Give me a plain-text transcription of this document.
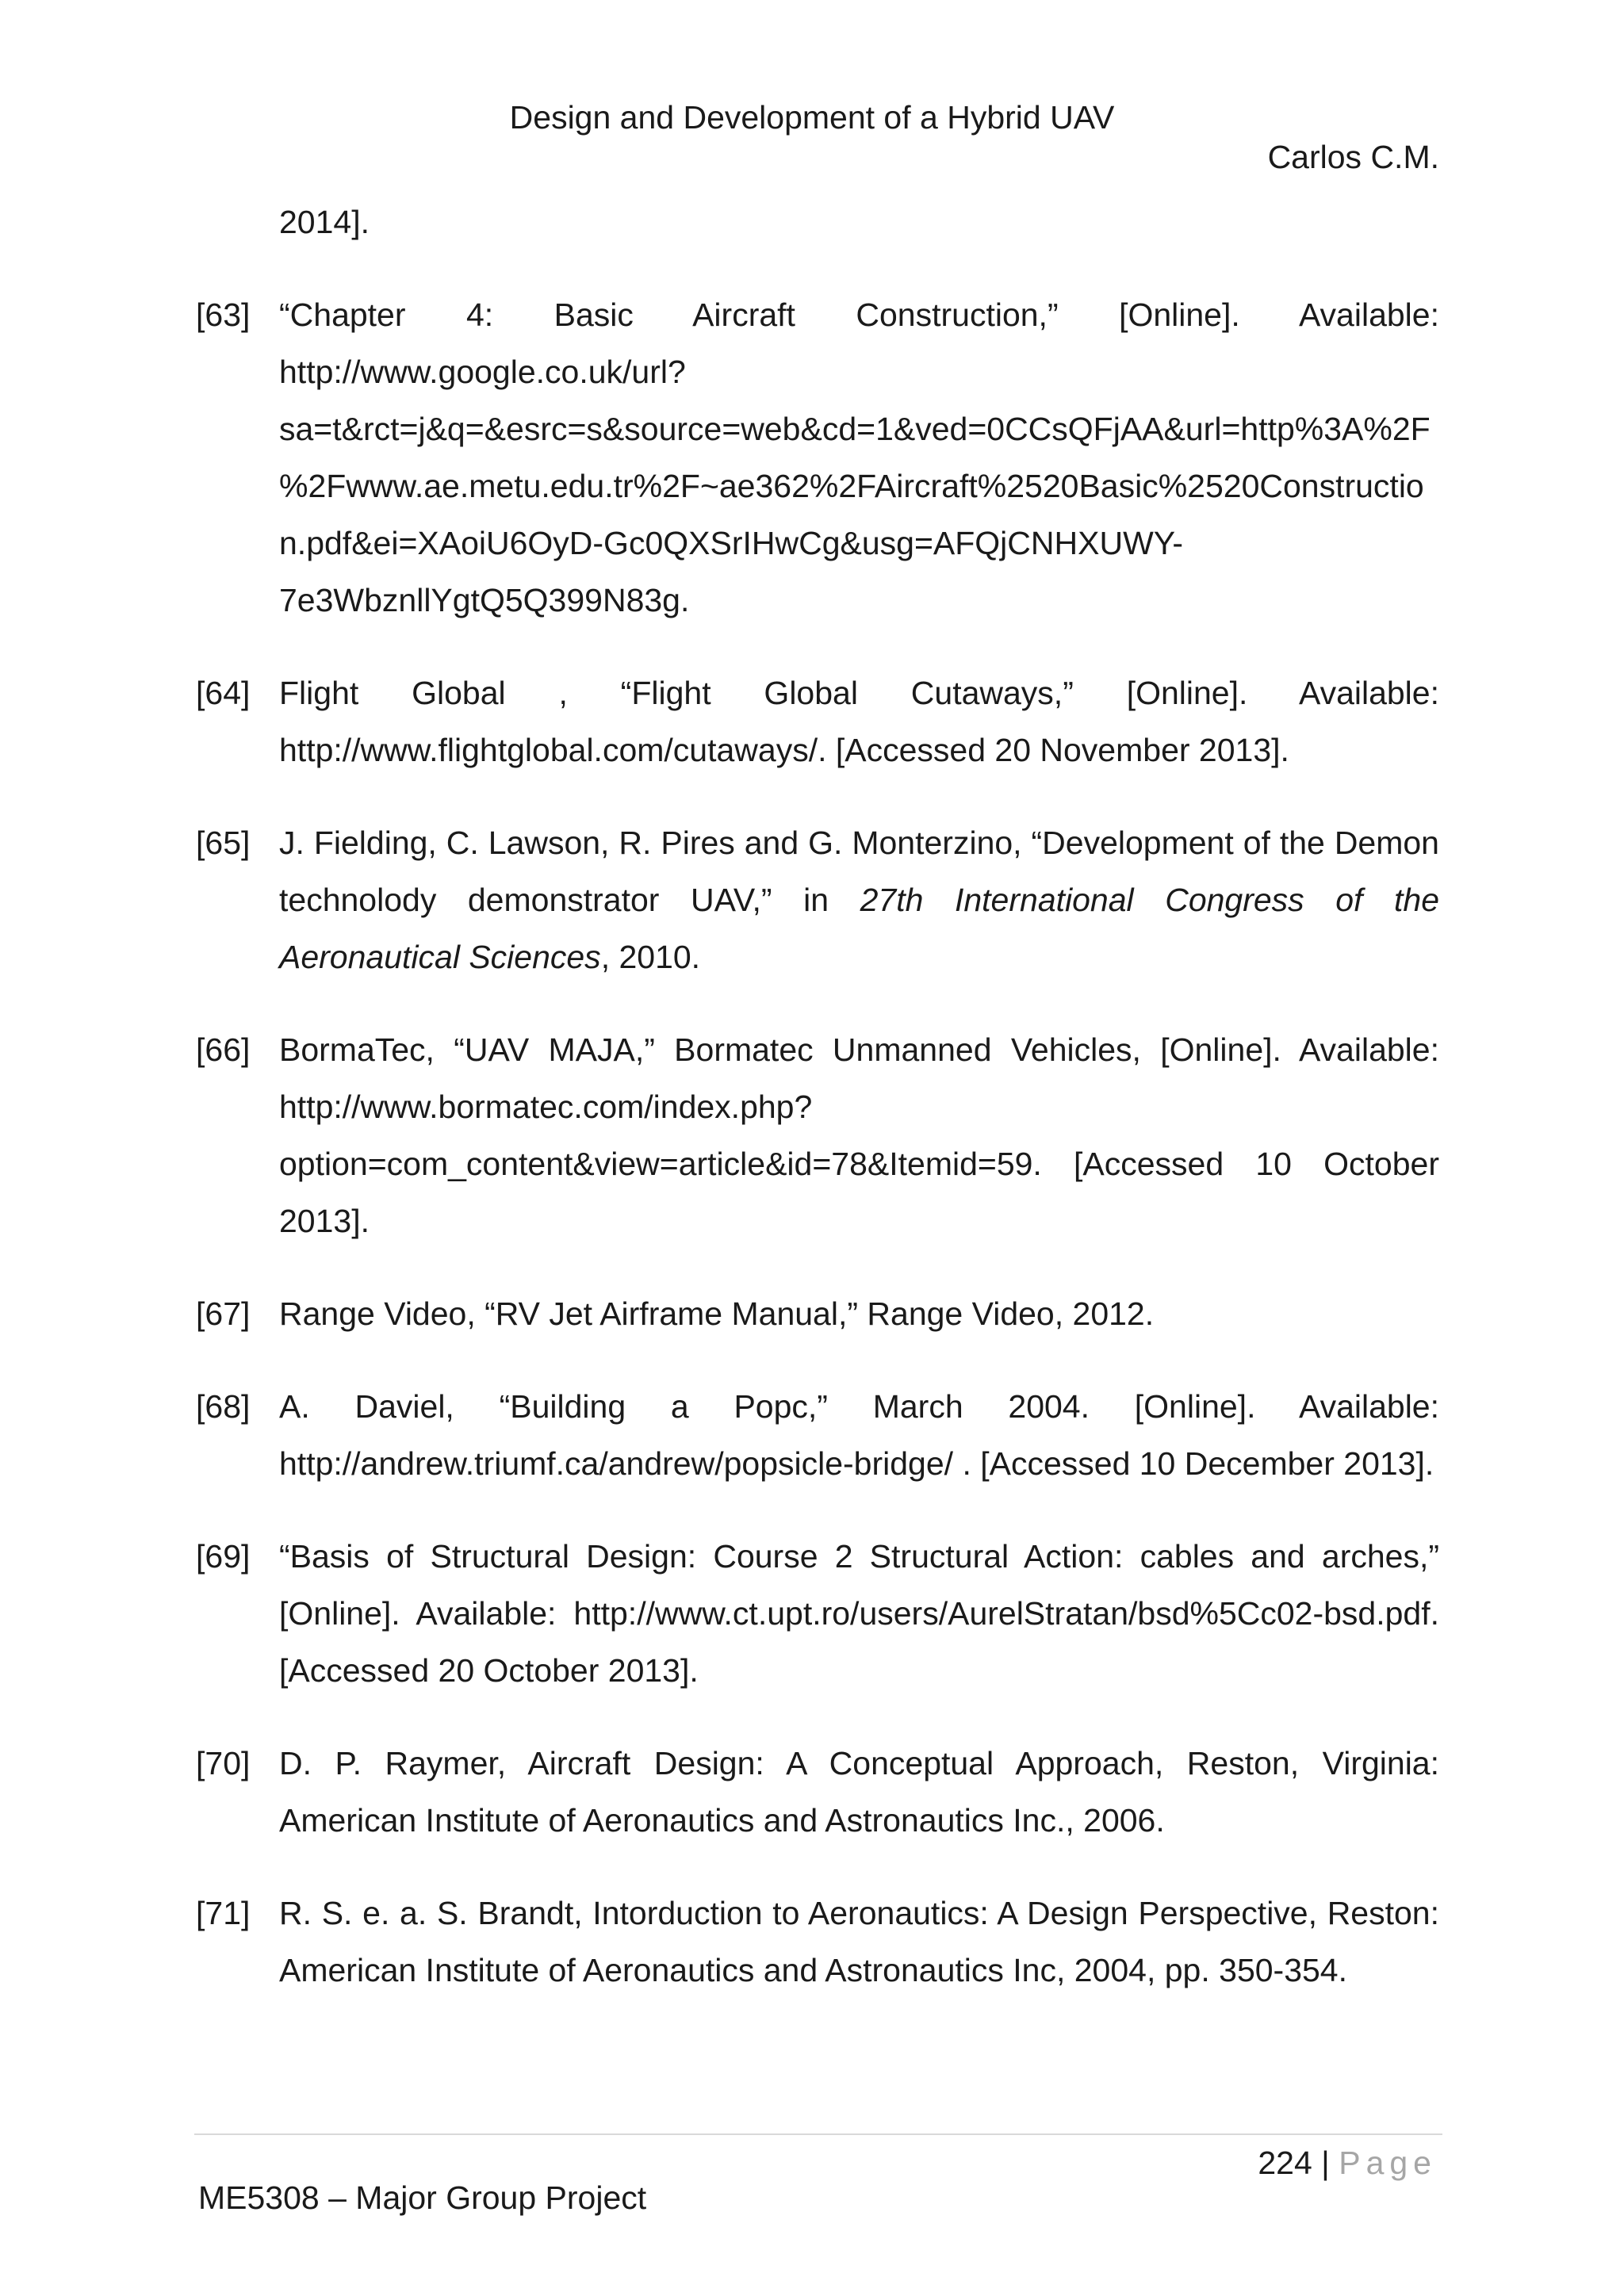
Design and Development of a Hybrid UAV
Carlos C.M.
2014].
[63] “Chapter 4: Basic Aircraft Construction,” [Online]. Available: http://www.google.co.uk/url?sa=t&rct=j&q=&esrc=s&source=web&cd=1&ved=0CCsQFjAA&url=http%3A%2F%2Fwww.ae.metu.edu.tr%2F~ae362%2FAircraft%2520Basic%2520Construction.pdf&ei=XAoiU6OyD-Gc0QXSrIHwCg&usg=AFQjCNHXUWY-7e3WbznllYgtQ5Q399N83g.
[64] Flight Global , “Flight Global Cutaways,” [Online]. Available: http://www.flightglobal.com/cutaways/. [Accessed 20 November 2013].
[65] J. Fielding, C. Lawson, R. Pires and G. Monterzino, “Development of the Demon technolody demonstrator UAV,” in 27th International Congress of the Aeronautical Sciences, 2010.
[66] BormaTec, “UAV MAJA,” Bormatec Unmanned Vehicles, [Online]. Available: http://www.bormatec.com/index.php?option=com_content&view=article&id=78&Itemid=59. [Accessed 10 October 2013].
[67] Range Video, “RV Jet Airframe Manual,” Range Video, 2012.
[68] A. Daviel, “Building a Popc,” March 2004. [Online]. Available: http://andrew.triumf.ca/andrew/popsicle-bridge/ . [Accessed 10 December 2013].
[69] “Basis of Structural Design: Course 2 Structural Action: cables and arches,” [Online]. Available: http://www.ct.upt.ro/users/AurelStratan/bsd%5Cc02-bsd.pdf. [Accessed 20 October 2013].
[70] D. P. Raymer, Aircraft Design: A Conceptual Approach, Reston, Virginia: American Institute of Aeronautics and Astronautics Inc., 2006.
[71] R. S. e. a. S. Brandt, Intorduction to Aeronautics: A Design Perspective, Reston: American Institute of Aeronautics and Astronautics Inc, 2004, pp. 350-354.
224 | Page
ME5308 – Major Group Project
